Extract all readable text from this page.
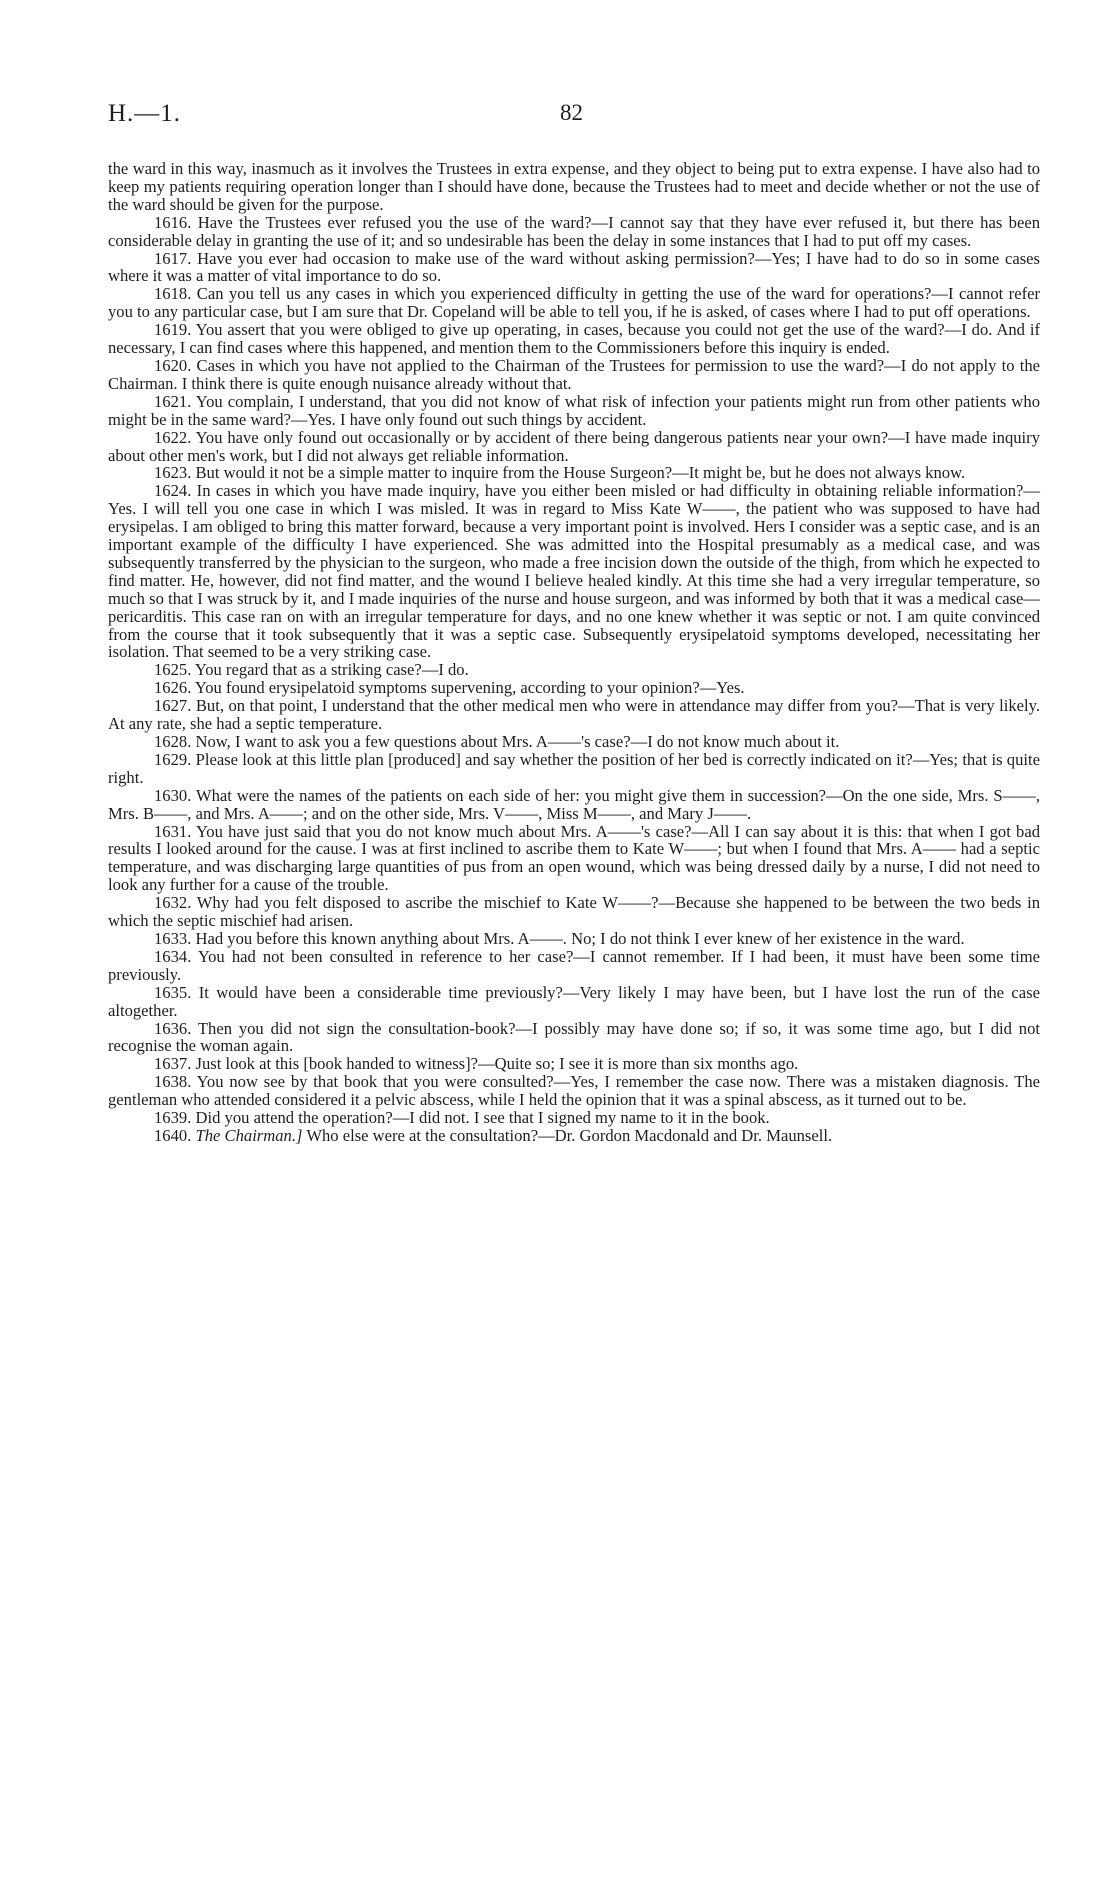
H.—1.	82

the ward in this way, inasmuch as it involves the Trustees in extra expense, and they object to being put to extra expense. I have also had to keep my patients requiring operation longer than I should have done, because the Trustees had to meet and decide whether or not the use of the ward should be given for the purpose.

1616. Have the Trustees ever refused you the use of the ward?—I cannot say that they have ever refused it, but there has been considerable delay in granting the use of it; and so undesirable has been the delay in some instances that I had to put off my cases.

1617. Have you ever had occasion to make use of the ward without asking permission?—Yes; I have had to do so in some cases where it was a matter of vital importance to do so.

1618. Can you tell us any cases in which you experienced difficulty in getting the use of the ward for operations?—I cannot refer you to any particular case, but I am sure that Dr. Copeland will be able to tell you, if he is asked, of cases where I had to put off operations.

1619. You assert that you were obliged to give up operating, in cases, because you could not get the use of the ward?—I do. And if necessary, I can find cases where this happened, and mention them to the Commissioners before this inquiry is ended.

1620. Cases in which you have not applied to the Chairman of the Trustees for permission to use the ward?—I do not apply to the Chairman. I think there is quite enough nuisance already without that.

1621. You complain, I understand, that you did not know of what risk of infection your patients might run from other patients who might be in the same ward?—Yes. I have only found out such things by accident.

1622. You have only found out occasionally or by accident of there being dangerous patients near your own?—I have made inquiry about other men's work, but I did not always get reliable information.

1623. But would it not be a simple matter to inquire from the House Surgeon?—It might be, but he does not always know.

1624. In cases in which you have made inquiry, have you either been misled or had difficulty in obtaining reliable information?—Yes. I will tell you one case in which I was misled. It was in regard to Miss Kate W——, the patient who was supposed to have had erysipelas. I am obliged to bring this matter forward, because a very important point is involved. Hers I consider was a septic case, and is an important example of the difficulty I have experienced. She was admitted into the Hospital presumably as a medical case, and was subsequently transferred by the physician to the surgeon, who made a free incision down the outside of the thigh, from which he expected to find matter. He, however, did not find matter, and the wound I believe healed kindly. At this time she had a very irregular temperature, so much so that I was struck by it, and I made inquiries of the nurse and house surgeon, and was informed by both that it was a medical case—pericarditis. This case ran on with an irregular temperature for days, and no one knew whether it was septic or not. I am quite convinced from the course that it took subsequently that it was a septic case. Subsequently erysipelatoid symptoms developed, necessitating her isolation. That seemed to be a very striking case.

1625. You regard that as a striking case?—I do.

1626. You found erysipelatoid symptoms supervening, according to your opinion?—Yes.

1627. But, on that point, I understand that the other medical men who were in attendance may differ from you?—That is very likely. At any rate, she had a septic temperature.

1628. Now, I want to ask you a few questions about Mrs. A——'s case?—I do not know much about it.

1629. Please look at this little plan [produced] and say whether the position of her bed is correctly indicated on it?—Yes; that is quite right.

1630. What were the names of the patients on each side of her: you might give them in succession?—On the one side, Mrs. S——, Mrs. B——, and Mrs. A——; and on the other side, Mrs. V——, Miss M——, and Mary J——.

1631. You have just said that you do not know much about Mrs. A——'s case?—All I can say about it is this: that when I got bad results I looked around for the cause. I was at first inclined to ascribe them to Kate W——; but when I found that Mrs. A—— had a septic temperature, and was discharging large quantities of pus from an open wound, which was being dressed daily by a nurse, I did not need to look any further for a cause of the trouble.

1632. Why had you felt disposed to ascribe the mischief to Kate W——?—Because she happened to be between the two beds in which the septic mischief had arisen.

1633. Had you before this known anything about Mrs. A——. No; I do not think I ever knew of her existence in the ward.

1634. You had not been consulted in reference to her case?—I cannot remember. If I had been, it must have been some time previously.

1635. It would have been a considerable time previously?—Very likely I may have been, but I have lost the run of the case altogether.

1636. Then you did not sign the consultation-book?—I possibly may have done so; if so, it was some time ago, but I did not recognise the woman again.

1637. Just look at this [book handed to witness]?—Quite so; I see it is more than six months ago.

1638. You now see by that book that you were consulted?—Yes, I remember the case now. There was a mistaken diagnosis. The gentleman who attended considered it a pelvic abscess, while I held the opinion that it was a spinal abscess, as it turned out to be.

1639. Did you attend the operation?—I did not. I see that I signed my name to it in the book.

1640. The Chairman.] Who else were at the consultation?—Dr. Gordon Macdonald and Dr. Maunsell.
